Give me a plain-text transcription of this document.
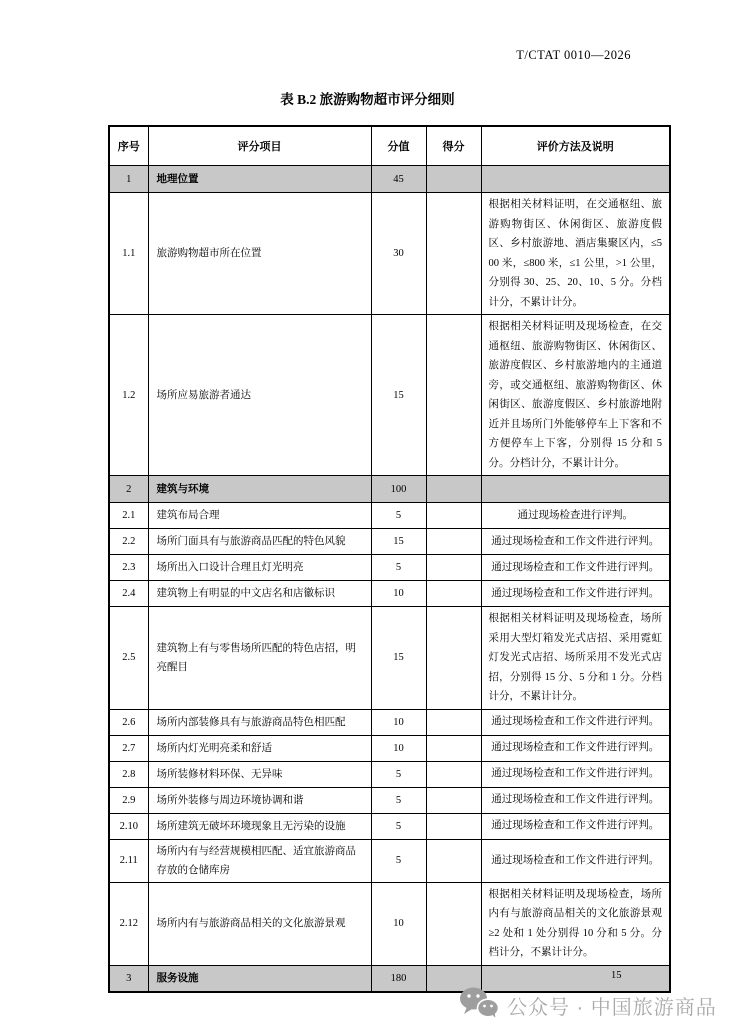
T/CTAT 0010—2026
表 B.2 旅游购物超市评分细则
序号	评分项目	分值	得分	评价方法及说明
1	地理位置	45		
1.1	旅游购物超市所在位置	30		根据相关材料证明，在交通枢纽、旅游购物街区、休闲街区、旅游度假区、乡村旅游地、酒店集聚区内，≤500 米，≤800 米，≤1 公里，>1 公里，分别得 30、25、20、10、5 分。分档计分，不累计计分。
1.2	场所应易旅游者通达	15		根据相关材料证明及现场检查，在交通枢纽、旅游购物街区、休闲街区、旅游度假区、乡村旅游地内的主通道旁，或交通枢纽、旅游购物街区、休闲街区、旅游度假区、乡村旅游地附近并且场所门外能够停车上下客和不方便停车上下客，分别得 15 分和 5 分。分档计分，不累计计分。
2	建筑与环境	100		
2.1	建筑布局合理	5		通过现场检查进行评判。
2.2	场所门面具有与旅游商品匹配的特色风貌	15		通过现场检查和工作文件进行评判。
2.3	场所出入口设计合理且灯光明亮	5		通过现场检查和工作文件进行评判。
2.4	建筑物上有明显的中文店名和店徽标识	10		通过现场检查和工作文件进行评判。
2.5	建筑物上有与零售场所匹配的特色店招，明亮醒目	15		根据相关材料证明及现场检查，场所采用大型灯箱发光式店招、采用霓虹灯发光式店招、场所采用不发光式店招，分别得 15 分、5 分和 1 分。分档计分，不累计计分。
2.6	场所内部装修具有与旅游商品特色相匹配	10		通过现场检查和工作文件进行评判。
2.7	场所内灯光明亮柔和舒适	10		通过现场检查和工作文件进行评判。
2.8	场所装修材料环保、无异味	5		通过现场检查和工作文件进行评判。
2.9	场所外装修与周边环境协调和谐	5		通过现场检查和工作文件进行评判。
2.10	场所建筑无破坏环境现象且无污染的设施	5		通过现场检查和工作文件进行评判。
2.11	场所内有与经营规模相匹配、适宜旅游商品存放的仓储库房	5		通过现场检查和工作文件进行评判。
2.12	场所内有与旅游商品相关的文化旅游景观	10		根据相关材料证明及现场检查，场所内有与旅游商品相关的文化旅游景观≥2 处和 1 处分别得 10 分和 5 分。分档计分，不累计计分。
3	服务设施	180			15
公众号 · 中国旅游商品
